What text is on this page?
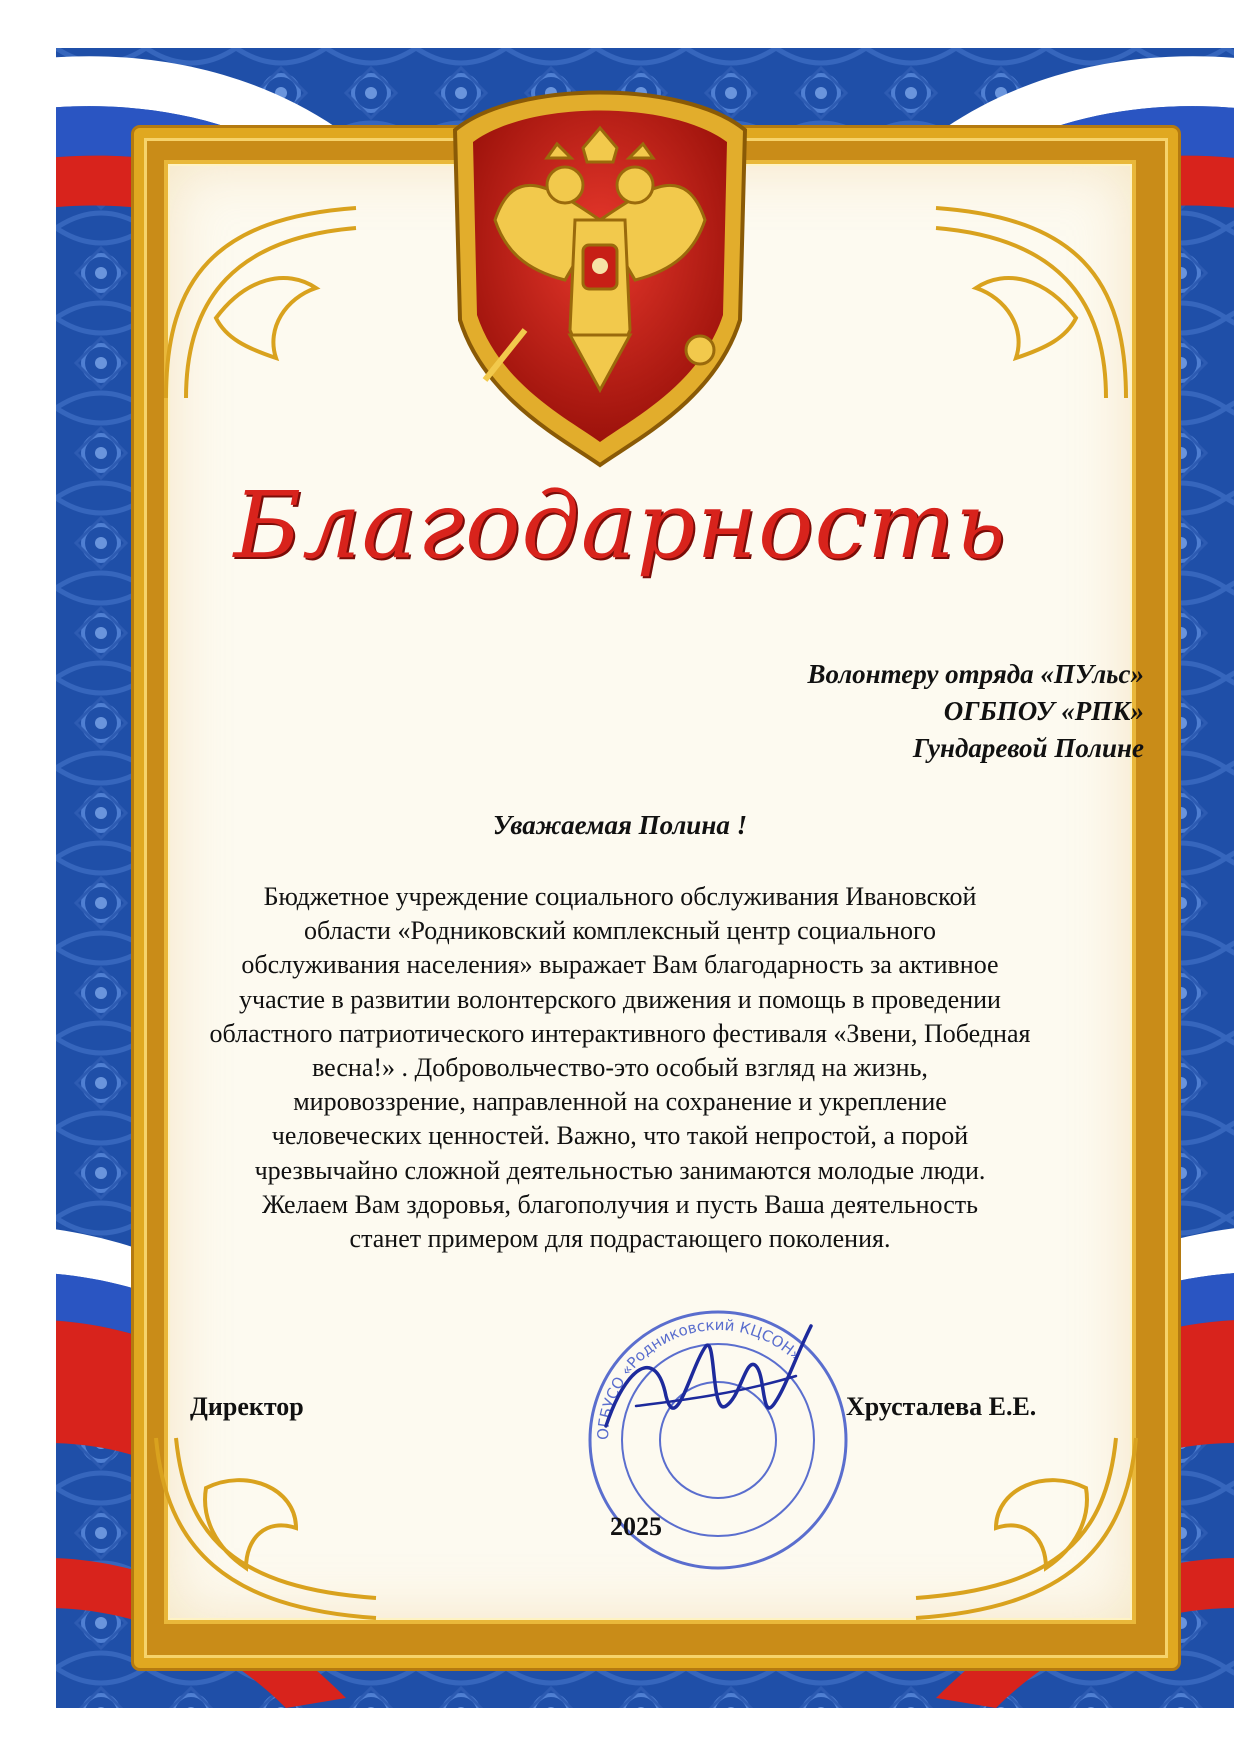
Благодарность
Волонтеру отряда «ПУльс»
ОГБПОУ «РПК»
Гундаревой Полине
Уважаемая Полина !
Бюджетное учреждение социального обслуживания Ивановской
области «Родниковский комплексный центр социального
обслуживания населения» выражает Вам благодарность за активное
участие в развитии волонтерского движения и помощь в проведении
областного патриотического интерактивного фестиваля «Звени, Победная
весна!» . Добровольчество-это особый взгляд на жизнь,
мировоззрение, направленной на сохранение и укрепление
человеческих ценностей. Важно, что такой непростой, а порой
чрезвычайно сложной деятельностью занимаются молодые люди.
Желаем Вам здоровья, благополучия и пусть Ваша деятельность
станет примером для подрастающего поколения.
ОГБУСО «Родниковский КЦСОН»
Директор	Хрусталева Е.Е.
2025
